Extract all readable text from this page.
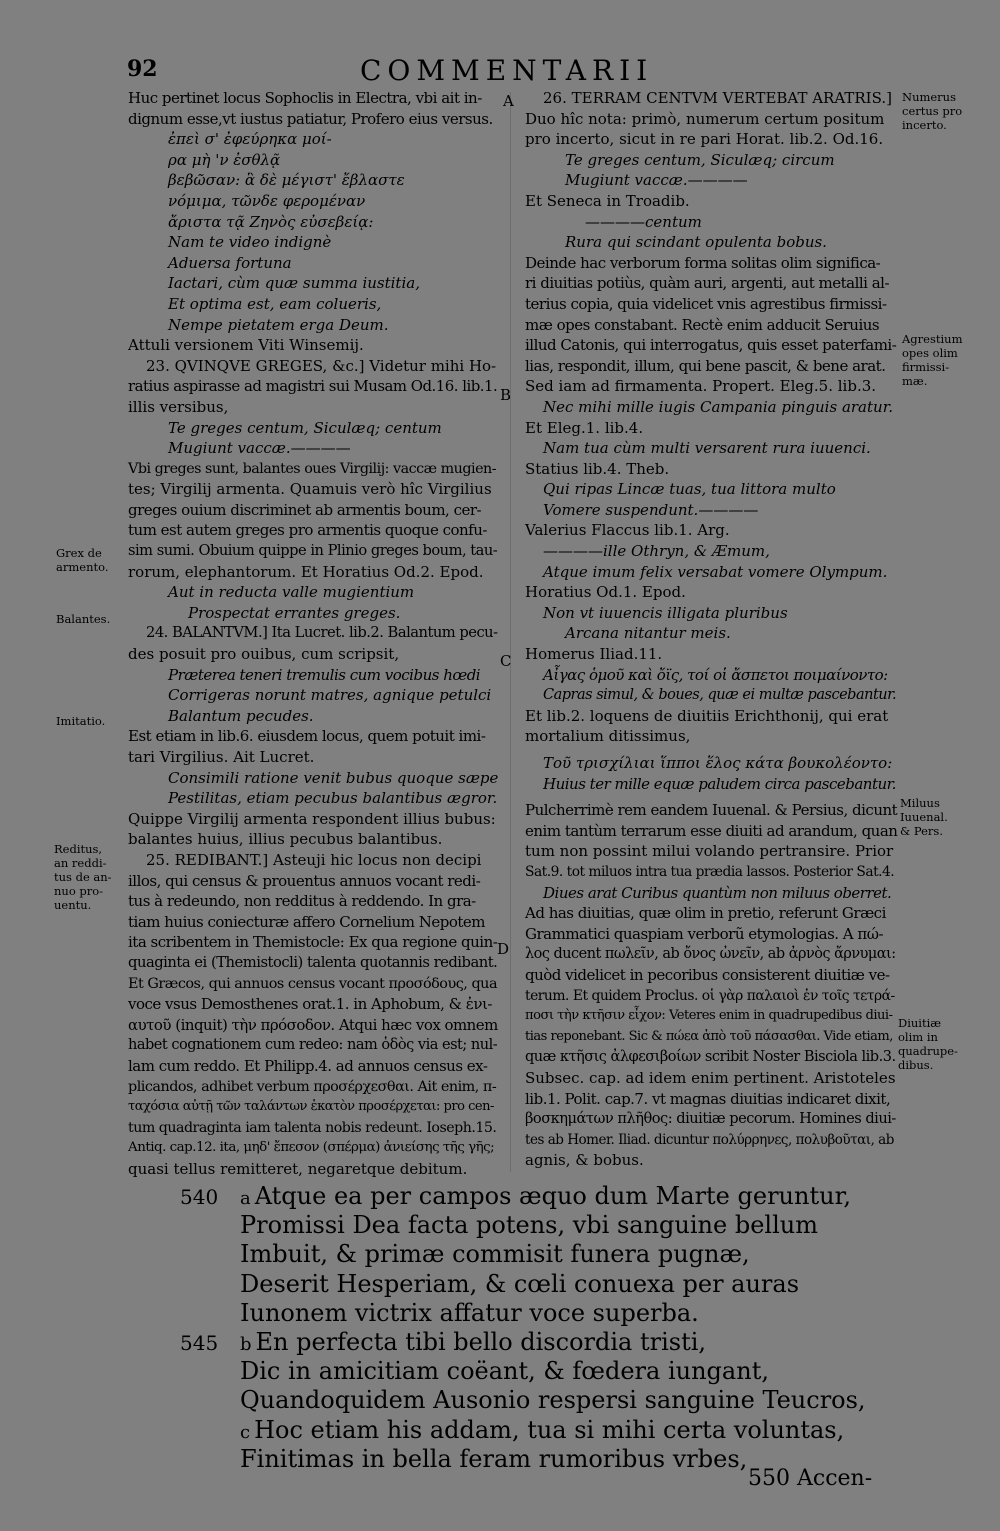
92	COMMENTARII
Huc pertinet locus Sophoclis in Electra, vbi ait in-
dignum esse,vt iustus patiatur, Profero eius versus.
ἐπεὶ σ' ἐφεύρηκα μοί-
ρα μὴ 'ν ἐσθλᾷ
βεβῶσαν: ἃ δὲ μέγιστ' ἔβλαστε
νόμιμα, τῶνδε φερομέναν
ἄριστα τᾷ Ζηνὸς εὐσεβείᾳ:
Nam te video indignè
Aduersa fortuna
Iactari, cùm quæ summa iustitia,
Et optima est, eam colueris,
Nempe pietatem erga Deum.
Attuli versionem Viti Winsemij.
23. QVINQVE GREGES, &c.] Videtur mihi Ho-
ratius aspirasse ad magistri sui Musam Od.16. lib.1.
illis versibus,
Te greges centum, Siculæq; centum
Mugiunt vaccæ.————
Vbi greges sunt, balantes oues Virgilij: vaccæ mugien-
tes; Virgilij armenta. Quamuis verò hîc Virgilius
greges ouium discriminet ab armentis boum, cer-
tum est autem greges pro armentis quoque confu-
sim sumi. Obuium quippe in Plinio greges boum, tau-
rorum, elephantorum. Et Horatius Od.2. Epod.
Aut in reducta valle mugientium
Prospectat errantes greges.
24. BALANTVM.] Ita Lucret. lib.2. Balantum pecu-
des posuit pro ouibus, cum scripsit,
Præterea teneri tremulis cum vocibus hœdi
Corrigeras norunt matres, agnique petulci
Balantum pecudes.
Est etiam in lib.6. eiusdem locus, quem potuit imi-
tari Virgilius. Ait Lucret.
Consimili ratione venit bubus quoque sæpe
Pestilitas, etiam pecubus balantibus ægror.
Quippe Virgilij armenta respondent illius bubus:
balantes huius, illius pecubus balantibus.
25. REDIBANT.] Asteuji hic locus non decipi
illos, qui census & prouentus annuos vocant redi-
tus à redeundo, non redditus à reddendo. In gra-
tiam huius coniecturæ affero Cornelium Nepotem
ita scribentem in Themistocle: Ex qua regione quin-
quaginta ei (Themistocli) talenta quotannis redibant.
Et Græcos, qui annuos census vocant προσόδους, qua
voce vsus Demosthenes orat.1. in Aphobum, & ἐνι-
αυτοῦ (inquit) τὴν πρόσοδον. Atqui hæc vox omnem
habet cognationem cum redeo: nam ὁδὸς via est; nul-
lam cum reddo. Et Philipp.4. ad annuos census ex-
plicandos, adhibet verbum προσέρχεσθαι. Ait enim, π-
ταχόσια αὐτῇ τῶν ταλάντων ἑκατὸν προσέρχεται: pro cen-
tum quadraginta iam talenta nobis redeunt. Ioseph.15.
Antiq. cap.12. ita, μηδ' ἔπεσον (σπέρμα) ἀνιείσης τῆς γῆς;
quasi tellus remitteret, negaretque debitum.
26. TERRAM CENTVM VERTEBAT ARATRIS.]
Duo hîc nota: primò, numerum certum positum
pro incerto, sicut in re pari Horat. lib.2. Od.16.
Te greges centum, Siculæq; circum
Mugiunt vaccæ.————
Et Seneca in Troadib.
————centum
Rura qui scindant opulenta bobus.
Deinde hac verborum forma solitas olim significa-
ri diuitias potiùs, quàm auri, argenti, aut metalli al-
terius copia, quia videlicet vnis agrestibus firmissi-
mæ opes constabant. Rectè enim adducit Seruius
illud Catonis, qui interrogatus, quis esset paterfami-
lias, respondit, illum, qui bene pascit, & bene arat.
Sed iam ad firmamenta. Propert. Eleg.5. lib.3.
Nec mihi mille iugis Campania pinguis aratur.
Et Eleg.1. lib.4.
Nam tua cùm multi versarent rura iuuenci.
Statius lib.4. Theb.
Qui ripas Lincæ tuas, tua littora multo
Vomere suspendunt.————
Valerius Flaccus lib.1. Arg.
————ille Othryn, & Æmum,
Atque imum felix versabat vomere Olympum.
Horatius Od.1. Epod.
Non vt iuuencis illigata pluribus
Arcana nitantur meis.
Homerus Iliad.11.
Αἶγας ὁμοῦ καὶ ὄϊς, τοί οἱ ἄσπετοι ποιμαίνοντο:
Capras simul, & boues, quæ ei multæ pascebantur.
Et lib.2. loquens de diuitiis Erichthonij, qui erat
mortalium ditissimus,
Τοῦ τρισχίλιαι ἵπποι ἕλος κάτα βουκολέοντο:
Huius ter mille equæ paludem circa pascebantur.
Pulcherrimè rem eandem Iuuenal. & Persius, dicunt
enim tantùm terrarum esse diuiti ad arandum, quan
tum non possint milui volando pertransire. Prior
Sat.9. tot miluos intra tua prædia lassos. Posterior Sat.4.
Diues arat Curibus quantùm non miluus oberret.
Ad has diuitias, quæ olim in pretio, referunt Græci
Grammatici quaspiam verborũ etymologias. A πώ-
λος ducent πωλεῖν, ab ὄνος ὠνεῖν, ab ἀρνὸς ἄρνυμαι:
quòd videlicet in pecoribus consisterent diuitiæ ve-
terum. Et quidem Proclus. οἱ γὰρ παλαιοὶ ἐν τοῖς τετρά-
ποσι τὴν κτῆσιν εἶχον: Veteres enim in quadrupedibus diui-
tias reponebant. Sic & πώεα ἀπὸ τοῦ πάσασθαι. Vide etiam,
quæ κτῆσις ἀλφεσιβοίων scribit Noster Bisciola lib.3.
Subsec. cap. ad idem enim pertinent. Aristoteles
lib.1. Polit. cap.7. vt magnas diuitias indicaret dixit,
βοσκημάτων πλῆθος: diuitiæ pecorum. Homines diui-
tes ab Homer. Iliad. dicuntur πολύρρηνες, πολυβοῦται, ab
agnis, & bobus.
A
B
C
D
Numerus
certus pro
incerto.
Agrestium
opes olim
firmissi-
mæ.
Grex de
armento.
Balantes.
Imitatio.
Reditus,
an reddi-
tus de an-
nuo pro-
uentu.
Miluus
Iuuenal.
& Pers.
Diuitiæ
olim in
quadrupe-
dibus.
540 a Atque ea per campos æquo dum Marte geruntur,
Promissi Dea facta potens, vbi sanguine bellum
Imbuit, & primæ commisit funera pugnæ,
Deserit Hesperiam, & cœli conuexa per auras
Iunonem victrix affatur voce superba.
545 b En perfecta tibi bello discordia tristi,
Dic in amicitiam coëant, & fœdera iungant,
Quandoquidem Ausonio respersi sanguine Teucros,
c Hoc etiam his addam, tua si mihi certa voluntas,
Finitimas in bella feram rumoribus vrbes,
550 Accen-
